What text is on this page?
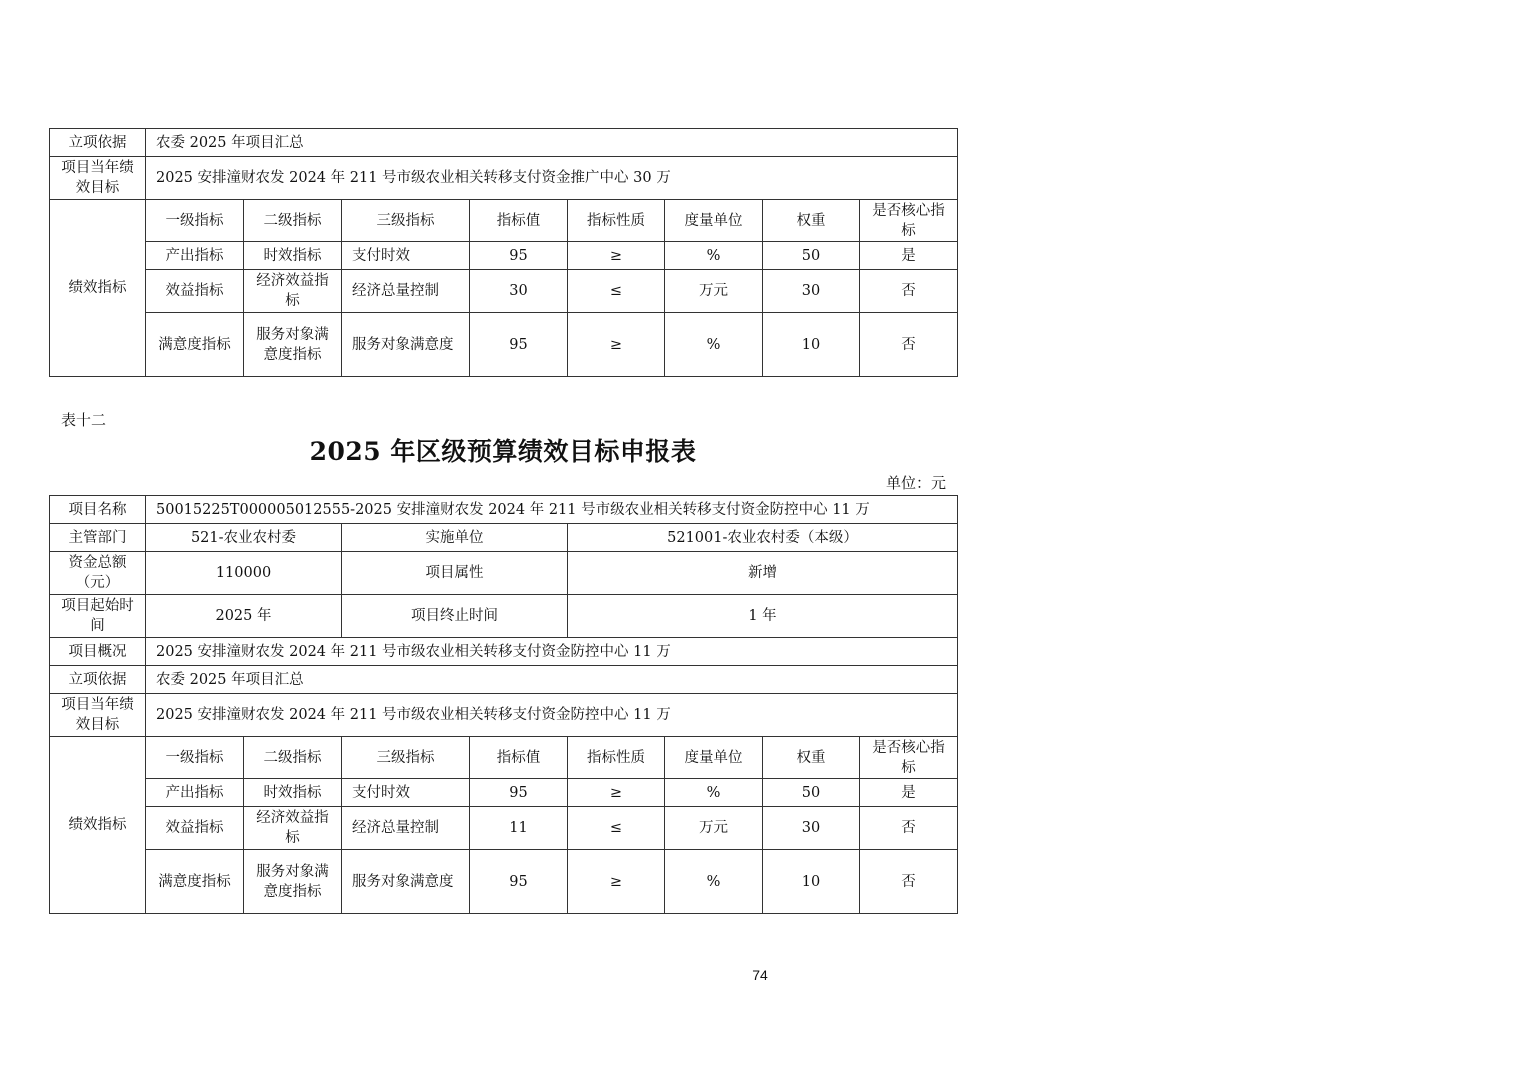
立项依据	农委 2025 年项目汇总							
项目当年绩效目标	2025 安排潼财农发 2024 年 211 号市级农业相关转移支付资金推广中心 30 万							
绩效指标	一级指标	二级指标	三级指标	指标值	指标性质	度量单位	权重	是否核心指标
	产出指标	时效指标	支付时效	95	≥	%	50	是
	效益指标	经济效益指标	经济总量控制	30	≤	万元	30	否
	满意度指标	服务对象满意度指标	服务对象满意度	95	≥	%	10	否
表十二
2025 年区级预算绩效目标申报表
单位：元
项目名称	50015225T000005012555-2025 安排潼财农发 2024 年 211 号市级农业相关转移支付资金防控中心 11 万							
主管部门	521-农业农村委		实施单位		521001-农业农村委（本级）			
资金总额（元）	110000		项目属性		新增			
项目起始时间	2025 年		项目终止时间		1 年			
项目概况	2025 安排潼财农发 2024 年 211 号市级农业相关转移支付资金防控中心 11 万							
立项依据	农委 2025 年项目汇总							
项目当年绩效目标	2025 安排潼财农发 2024 年 211 号市级农业相关转移支付资金防控中心 11 万							
绩效指标	一级指标	二级指标	三级指标	指标值	指标性质	度量单位	权重	是否核心指标
	产出指标	时效指标	支付时效	95	≥	%	50	是
	效益指标	经济效益指标	经济总量控制	11	≤	万元	30	否
	满意度指标	服务对象满意度指标	服务对象满意度	95	≥	%	10	否
74
